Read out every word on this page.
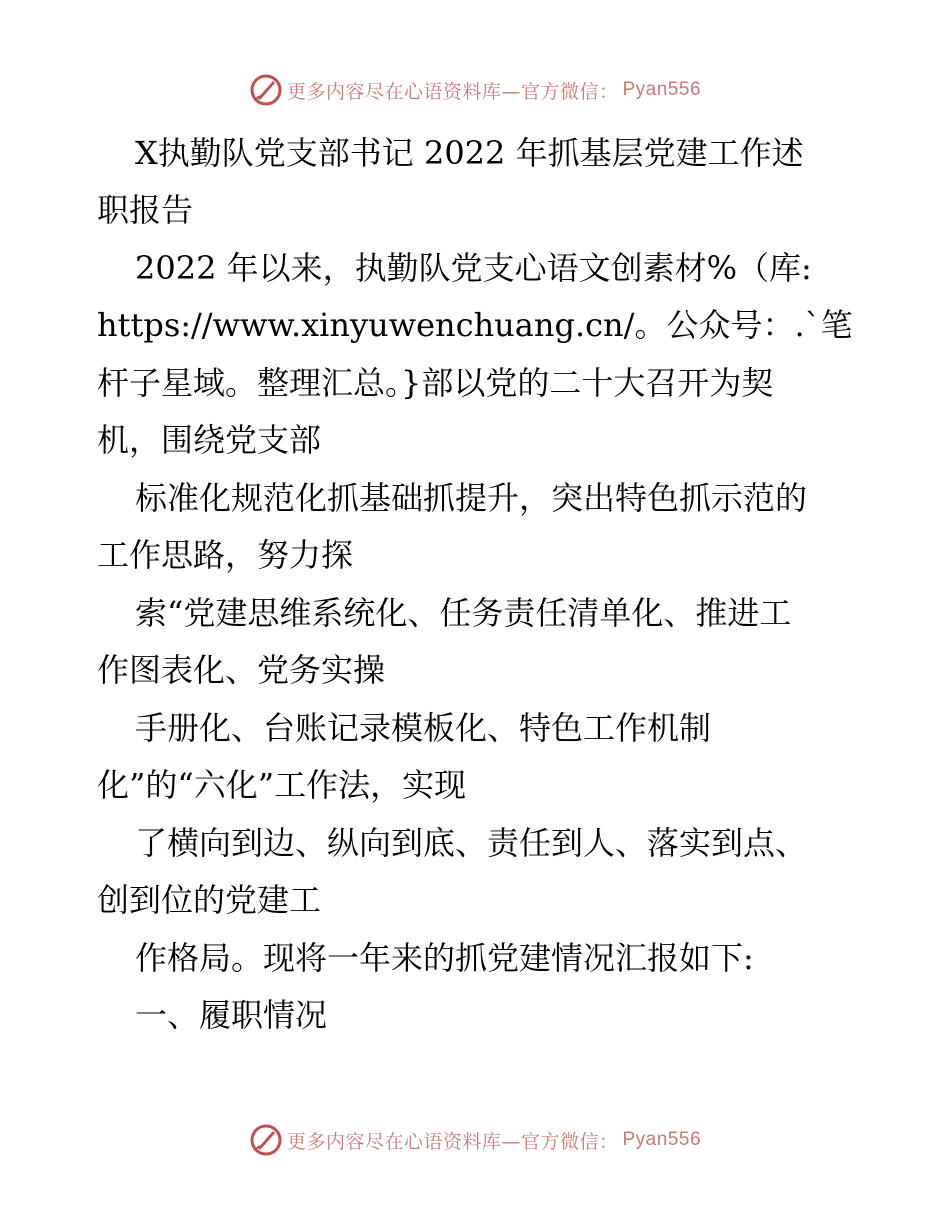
更多内容尽在心语资料库—官方微信： Pyan556
X执勤队党支部书记 2022 年抓基层党建工作述
职报告
2022 年以来，执勤队党支心语文创素材%（库:
https://www.xinyuwenchuang.cn/。公众号：.`笔
杆子星域。整理汇总。}部以党的二十大召开为契
机，围绕党支部
标准化规范化抓基础抓提升，突出特色抓示范的
工作思路，努力探
索“党建思维系统化、任务责任清单化、推进工
作图表化、党务实操
手册化、台账记录模板化、特色工作机制
化”的“六化”工作法，实现
了横向到边、纵向到底、责任到人、落实到点、
创到位的党建工
作格局。现将一年来的抓党建情况汇报如下:
一、履职情况
更多内容尽在心语资料库—官方微信： Pyan556
